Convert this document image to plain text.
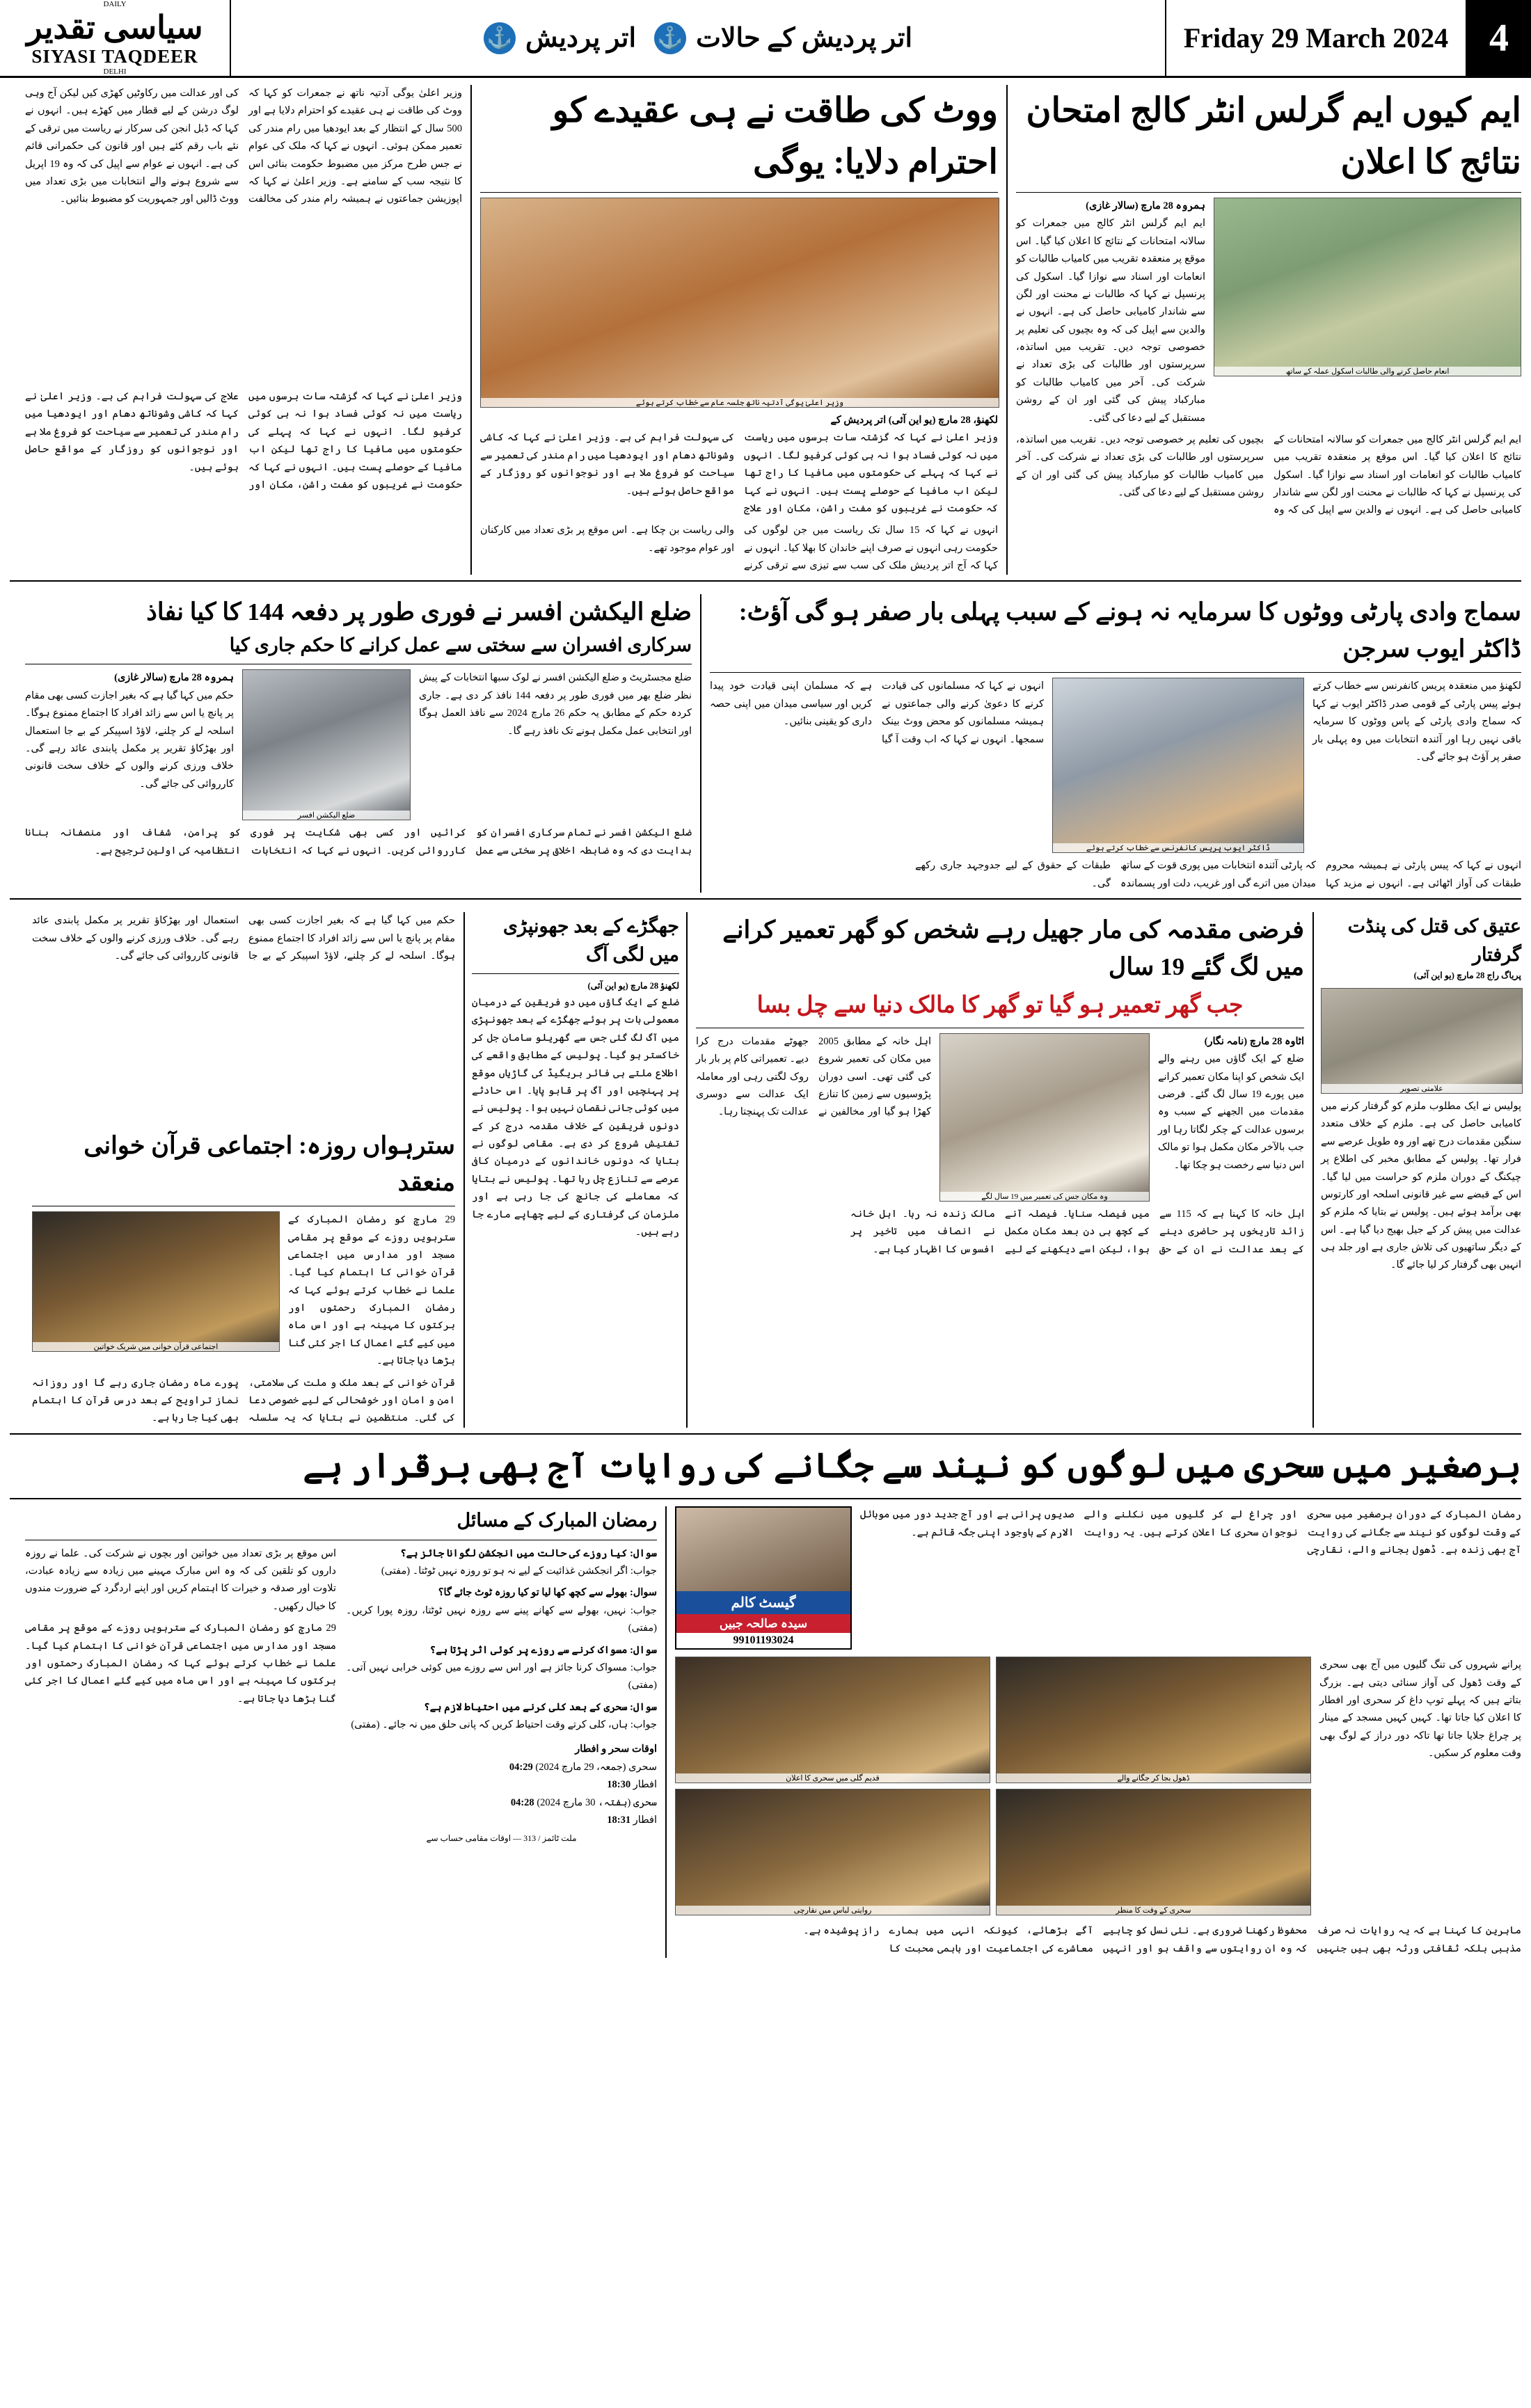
DAILY
سیاسی تقدیر
SIYASI TAQDEER
DELHI
⚓ اتر پردیش ⚓ اتر پردیش کے حالات	Friday 29 March 2024	4
ایم کیوں ایم گرلس انٹر کالج امتحان نتائج کا اعلان
انعام حاصل کرنے والی طالبات اسکول عملہ کے ساتھ
ہمروہ 28 مارچ (سالار غازی)
ایم ایم گرلس انٹر کالج میں جمعرات کو سالانہ امتحانات کے نتائج کا اعلان کیا گیا۔ اس موقع پر منعقدہ تقریب میں کامیاب طالبات کو انعامات اور اسناد سے نوازا گیا۔ اسکول کی پرنسپل نے کہا کہ طالبات نے محنت اور لگن سے شاندار کامیابی حاصل کی ہے۔ انہوں نے والدین سے اپیل کی کہ وہ بچیوں کی تعلیم پر خصوصی توجہ دیں۔ تقریب میں اساتذہ، سرپرستوں اور طالبات کی بڑی تعداد نے شرکت کی۔ آخر میں کامیاب طالبات کو مبارکباد پیش کی گئی اور ان کے روشن مستقبل کے لیے دعا کی گئی۔
ایم ایم گرلس انٹر کالج میں جمعرات کو سالانہ امتحانات کے نتائج کا اعلان کیا گیا۔ اس موقع پر منعقدہ تقریب میں کامیاب طالبات کو انعامات اور اسناد سے نوازا گیا۔ اسکول کی پرنسپل نے کہا کہ طالبات نے محنت اور لگن سے شاندار کامیابی حاصل کی ہے۔ انہوں نے والدین سے اپیل کی کہ وہ بچیوں کی تعلیم پر خصوصی توجہ دیں۔ تقریب میں اساتذہ، سرپرستوں اور طالبات کی بڑی تعداد نے شرکت کی۔ آخر میں کامیاب طالبات کو مبارکباد پیش کی گئی اور ان کے روشن مستقبل کے لیے دعا کی گئی۔
ووٹ کی طاقت نے ہی عقیدے کو احترام دلایا: یوگی
وزیر اعلیٰ یوگی آدتیہ ناتھ جلسہ عام سے خطاب کرتے ہوئے
لکھنؤ، 28 مارچ (یو این آئی) اتر پردیش کے
وزیر اعلیٰ نے کہا کہ گزشتہ سات برسوں میں ریاست میں نہ کوئی فساد ہوا نہ ہی کوئی کرفیو لگا۔ انہوں نے کہا کہ پہلے کی حکومتوں میں مافیا کا راج تھا لیکن اب مافیا کے حوصلے پست ہیں۔ انہوں نے کہا کہ حکومت نے غریبوں کو مفت راشن، مکان اور علاج کی سہولت فراہم کی ہے۔ وزیر اعلیٰ نے کہا کہ کاشی وشوناتھ دھام اور ایودھیا میں رام مندر کی تعمیر سے سیاحت کو فروغ ملا ہے اور نوجوانوں کو روزگار کے مواقع حاصل ہوئے ہیں۔
انہوں نے کہا کہ 15 سال تک ریاست میں جن لوگوں کی حکومت رہی انہوں نے صرف اپنے خاندان کا بھلا کیا۔ انہوں نے کہا کہ آج اتر پردیش ملک کی سب سے تیزی سے ترقی کرنے والی ریاست بن چکا ہے۔ اس موقع پر بڑی تعداد میں کارکنان اور عوام موجود تھے۔
وزیر اعلیٰ یوگی آدتیہ ناتھ نے جمعرات کو کہا کہ ووٹ کی طاقت نے ہی عقیدے کو احترام دلایا ہے اور 500 سال کے انتظار کے بعد ایودھیا میں رام مندر کی تعمیر ممکن ہوئی۔ انہوں نے کہا کہ ملک کی عوام نے جس طرح مرکز میں مضبوط حکومت بنائی اس کا نتیجہ سب کے سامنے ہے۔ وزیر اعلیٰ نے کہا کہ اپوزیشن جماعتوں نے ہمیشہ رام مندر کی مخالفت کی اور عدالت میں رکاوٹیں کھڑی کیں لیکن آج وہی لوگ درشن کے لیے قطار میں کھڑے ہیں۔ انہوں نے کہا کہ ڈبل انجن کی سرکار نے ریاست میں ترقی کے نئے باب رقم کئے ہیں اور قانون کی حکمرانی قائم کی ہے۔ انہوں نے عوام سے اپیل کی کہ وہ 19 اپریل سے شروع ہونے والے انتخابات میں بڑی تعداد میں ووٹ ڈالیں اور جمہوریت کو مضبوط بنائیں۔
وزیر اعلیٰ نے کہا کہ گزشتہ سات برسوں میں ریاست میں نہ کوئی فساد ہوا نہ ہی کوئی کرفیو لگا۔ انہوں نے کہا کہ پہلے کی حکومتوں میں مافیا کا راج تھا لیکن اب مافیا کے حوصلے پست ہیں۔ انہوں نے کہا کہ حکومت نے غریبوں کو مفت راشن، مکان اور علاج کی سہولت فراہم کی ہے۔ وزیر اعلیٰ نے کہا کہ کاشی وشوناتھ دھام اور ایودھیا میں رام مندر کی تعمیر سے سیاحت کو فروغ ملا ہے اور نوجوانوں کو روزگار کے مواقع حاصل ہوئے ہیں۔
سماج وادی پارٹی ووٹوں کا سرمایہ نہ ہونے کے سبب پہلی بار صفر ہو گی آؤٹ: ڈاکٹر ایوب سرجن
لکھنؤ میں منعقدہ پریس کانفرنس سے خطاب کرتے ہوئے پیس پارٹی کے قومی صدر ڈاکٹر ایوب نے کہا کہ سماج وادی پارٹی کے پاس ووٹوں کا سرمایہ باقی نہیں رہا اور آئندہ انتخابات میں وہ پہلی بار صفر پر آؤٹ ہو جائے گی۔
ڈاکٹر ایوب پریس کانفرنس سے خطاب کرتے ہوئے
انہوں نے کہا کہ مسلمانوں کی قیادت کرنے کا دعویٰ کرنے والی جماعتوں نے ہمیشہ مسلمانوں کو محض ووٹ بینک سمجھا۔ انہوں نے کہا کہ اب وقت آ گیا ہے کہ مسلمان اپنی قیادت خود پیدا کریں اور سیاسی میدان میں اپنی حصہ داری کو یقینی بنائیں۔
انہوں نے کہا کہ پیس پارٹی نے ہمیشہ محروم طبقات کی آواز اٹھائی ہے۔ انہوں نے مزید کہا کہ پارٹی آئندہ انتخابات میں پوری قوت کے ساتھ میدان میں اترے گی اور غریب، دلت اور پسماندہ طبقات کے حقوق کے لیے جدوجہد جاری رکھے گی۔
ضلع الیکشن افسر نے فوری طور پر دفعہ 144 کا کیا نفاذ
سرکاری افسران سے سختی سے عمل کرانے کا حکم جاری کیا
ضلع مجسٹریٹ و ضلع الیکشن افسر نے لوک سبھا انتخابات کے پیش نظر ضلع بھر میں فوری طور پر دفعہ 144 نافذ کر دی ہے۔ جاری کردہ حکم کے مطابق یہ حکم 26 مارچ 2024 سے نافذ العمل ہوگا اور انتخابی عمل مکمل ہونے تک نافذ رہے گا۔
ضلع الیکشن افسر
ہمروہ 28 مارچ (سالار غازی)
حکم میں کہا گیا ہے کہ بغیر اجازت کسی بھی مقام پر پانچ یا اس سے زائد افراد کا اجتماع ممنوع ہوگا۔ اسلحہ لے کر چلنے، لاؤڈ اسپیکر کے بے جا استعمال اور بھڑکاؤ تقریر پر مکمل پابندی عائد رہے گی۔ خلاف ورزی کرنے والوں کے خلاف سخت قانونی کارروائی کی جائے گی۔
ضلع الیکشن افسر نے تمام سرکاری افسران کو ہدایت دی کہ وہ ضابطہ اخلاق پر سختی سے عمل کرائیں اور کسی بھی شکایت پر فوری کارروائی کریں۔ انہوں نے کہا کہ انتخابات کو پرامن، شفاف اور منصفانہ بنانا انتظامیہ کی اولین ترجیح ہے۔
عتیق کی قتل کی پنڈت گرفتار
پریاگ راج 28 مارچ (یو این آئی)
علامتی تصویر
پولیس نے ایک مطلوب ملزم کو گرفتار کرنے میں کامیابی حاصل کی ہے۔ ملزم کے خلاف متعدد سنگین مقدمات درج تھے اور وہ طویل عرصے سے فرار تھا۔ پولیس کے مطابق مخبر کی اطلاع پر چیکنگ کے دوران ملزم کو حراست میں لیا گیا۔ اس کے قبضے سے غیر قانونی اسلحہ اور کارتوس بھی برآمد ہوئے ہیں۔ پولیس نے بتایا کہ ملزم کو عدالت میں پیش کر کے جیل بھیج دیا گیا ہے۔ اس کے دیگر ساتھیوں کی تلاش جاری ہے اور جلد ہی انہیں بھی گرفتار کر لیا جائے گا۔
فرضی مقدمہ کی مار جھیل رہے شخص کو گھر تعمیر کرانے میں لگ گئے 19 سال
جب گھر تعمیر ہو گیا تو گھر کا مالک دنیا سے چل بسا
اٹاوہ 28 مارچ (نامہ نگار)
ضلع کے ایک گاؤں میں رہنے والے ایک شخص کو اپنا مکان تعمیر کرانے میں پورے 19 سال لگ گئے۔ فرضی مقدمات میں الجھنے کے سبب وہ برسوں عدالت کے چکر لگاتا رہا اور جب بالآخر مکان مکمل ہوا تو مالک اس دنیا سے رخصت ہو چکا تھا۔
وہ مکان جس کی تعمیر میں 19 سال لگے
اہل خانہ کے مطابق 2005 میں مکان کی تعمیر شروع کی گئی تھی۔ اسی دوران پڑوسیوں سے زمین کا تنازع کھڑا ہو گیا اور مخالفین نے جھوٹے مقدمات درج کرا دیے۔ تعمیراتی کام پر بار بار روک لگتی رہی اور معاملہ ایک عدالت سے دوسری عدالت تک پہنچتا رہا۔
اہل خانہ کا کہنا ہے کہ 115 سے زائد تاریخوں پر حاضری دینے کے بعد عدالت نے ان کے حق میں فیصلہ سنایا۔ فیصلہ آنے کے کچھ ہی دن بعد مکان مکمل ہوا، لیکن اسے دیکھنے کے لیے مالک زندہ نہ رہا۔ اہل خانہ نے انصاف میں تاخیر پر افسوس کا اظہار کیا ہے۔
جھگڑے کے بعد جھونپڑی میں لگی آگ
لکھنؤ 28 مارچ (یو این آئی)
ضلع کے ایک گاؤں میں دو فریقین کے درمیان معمولی بات پر ہوئے جھگڑے کے بعد جھونپڑی میں آگ لگ گئی جس سے گھریلو سامان جل کر خاکستر ہو گیا۔ پولیس کے مطابق واقعے کی اطلاع ملتے ہی فائر بریگیڈ کی گاڑیاں موقع پر پہنچیں اور آگ پر قابو پایا۔ اس حادثے میں کوئی جانی نقصان نہیں ہوا۔ پولیس نے دونوں فریقین کے خلاف مقدمہ درج کر کے تفتیش شروع کر دی ہے۔ مقامی لوگوں نے بتایا کہ دونوں خاندانوں کے درمیان کافی عرصے سے تنازع چل رہا تھا۔ پولیس نے بتایا کہ معاملے کی جانچ کی جا رہی ہے اور ملزمان کی گرفتاری کے لیے چھاپے مارے جا رہے ہیں۔
حکم میں کہا گیا ہے کہ بغیر اجازت کسی بھی مقام پر پانچ یا اس سے زائد افراد کا اجتماع ممنوع ہوگا۔ اسلحہ لے کر چلنے، لاؤڈ اسپیکر کے بے جا استعمال اور بھڑکاؤ تقریر پر مکمل پابندی عائد رہے گی۔ خلاف ورزی کرنے والوں کے خلاف سخت قانونی کارروائی کی جائے گی۔
سترہواں روزہ: اجتماعی قرآن خوانی منعقد
29 مارچ کو رمضان المبارک کے سترہویں روزے کے موقع پر مقامی مسجد اور مدارس میں اجتماعی قرآن خوانی کا اہتمام کیا گیا۔ علما نے خطاب کرتے ہوئے کہا کہ رمضان المبارک رحمتوں اور برکتوں کا مہینہ ہے اور اس ماہ میں کیے گئے اعمال کا اجر کئی گنا بڑھا دیا جاتا ہے۔
اجتماعی قرآن خوانی میں شریک خواتین
قرآن خوانی کے بعد ملک و ملت کی سلامتی، امن و امان اور خوشحالی کے لیے خصوصی دعا کی گئی۔ منتظمین نے بتایا کہ یہ سلسلہ پورے ماہ رمضان جاری رہے گا اور روزانہ نماز تراویح کے بعد درس قرآن کا اہتمام بھی کیا جا رہا ہے۔
برصغیر میں سحری میں لوگوں کو نیند سے جگانے کی روایات آج بھی برقرار ہے
رمضان المبارک کے دوران برصغیر میں سحری کے وقت لوگوں کو نیند سے جگانے کی روایت آج بھی زندہ ہے۔ ڈھول بجانے والے، نقارچی اور چراغ لے کر گلیوں میں نکلنے والے نوجوان سحری کا اعلان کرتے ہیں۔ یہ روایت صدیوں پرانی ہے اور آج جدید دور میں موبائل الارم کے باوجود اپنی جگہ قائم ہے۔
گیسٹ کالم
سیدہ صالحہ جبیں
99101193024
پرانے شہروں کی تنگ گلیوں میں آج بھی سحری کے وقت ڈھول کی آواز سنائی دیتی ہے۔ بزرگ بتاتے ہیں کہ پہلے توپ داغ کر سحری اور افطار کا اعلان کیا جاتا تھا۔ کہیں کہیں مسجد کے مینار پر چراغ جلایا جاتا تھا تاکہ دور دراز کے لوگ بھی وقت معلوم کر سکیں۔
قدیم گلی میں سحری کا اعلان	ڈھول بجا کر جگانے والے
روایتی لباس میں نقارچی	سحری کے وقت کا منظر
ماہرین کا کہنا ہے کہ یہ روایات نہ صرف مذہبی بلکہ ثقافتی ورثہ بھی ہیں جنہیں محفوظ رکھنا ضروری ہے۔ نئی نسل کو چاہیے کہ وہ ان روایتوں سے واقف ہو اور انہیں آگے بڑھائے، کیونکہ انہی میں ہمارے معاشرے کی اجتماعیت اور باہمی محبت کا راز پوشیدہ ہے۔
رمضان المبارک کے مسائل
سوال: کیا روزے کی حالت میں انجکشن لگوانا جائز ہے؟
جواب: اگر انجکشن غذائیت کے لیے نہ ہو تو روزہ نہیں ٹوٹتا۔ (مفتی)
سوال: بھولے سے کچھ کھا لیا تو کیا روزہ ٹوٹ جائے گا؟
جواب: نہیں، بھولے سے کھانے پینے سے روزہ نہیں ٹوٹتا، روزہ پورا کریں۔ (مفتی)
سوال: مسواک کرنے سے روزے پر کوئی اثر پڑتا ہے؟
جواب: مسواک کرنا جائز ہے اور اس سے روزے میں کوئی خرابی نہیں آتی۔ (مفتی)
سوال: سحری کے بعد کلی کرنے میں احتیاط لازم ہے؟
جواب: ہاں، کلی کرتے وقت احتیاط کریں کہ پانی حلق میں نہ جائے۔ (مفتی)
اوقات سحر و افطار
سحری (جمعہ، 29 مارچ 2024) 04:29
افطار 18:30
سحری (ہفتہ، 30 مارچ 2024) 04:28
افطار 18:31
ملت ٹائمز / 313 — اوقات مقامی حساب سے
اس موقع پر بڑی تعداد میں خواتین اور بچوں نے شرکت کی۔ علما نے روزہ داروں کو تلقین کی کہ وہ اس مبارک مہینے میں زیادہ سے زیادہ عبادت، تلاوت اور صدقہ و خیرات کا اہتمام کریں اور اپنے اردگرد کے ضرورت مندوں کا خیال رکھیں۔
29 مارچ کو رمضان المبارک کے سترہویں روزے کے موقع پر مقامی مسجد اور مدارس میں اجتماعی قرآن خوانی کا اہتمام کیا گیا۔ علما نے خطاب کرتے ہوئے کہا کہ رمضان المبارک رحمتوں اور برکتوں کا مہینہ ہے اور اس ماہ میں کیے گئے اعمال کا اجر کئی گنا بڑھا دیا جاتا ہے۔
